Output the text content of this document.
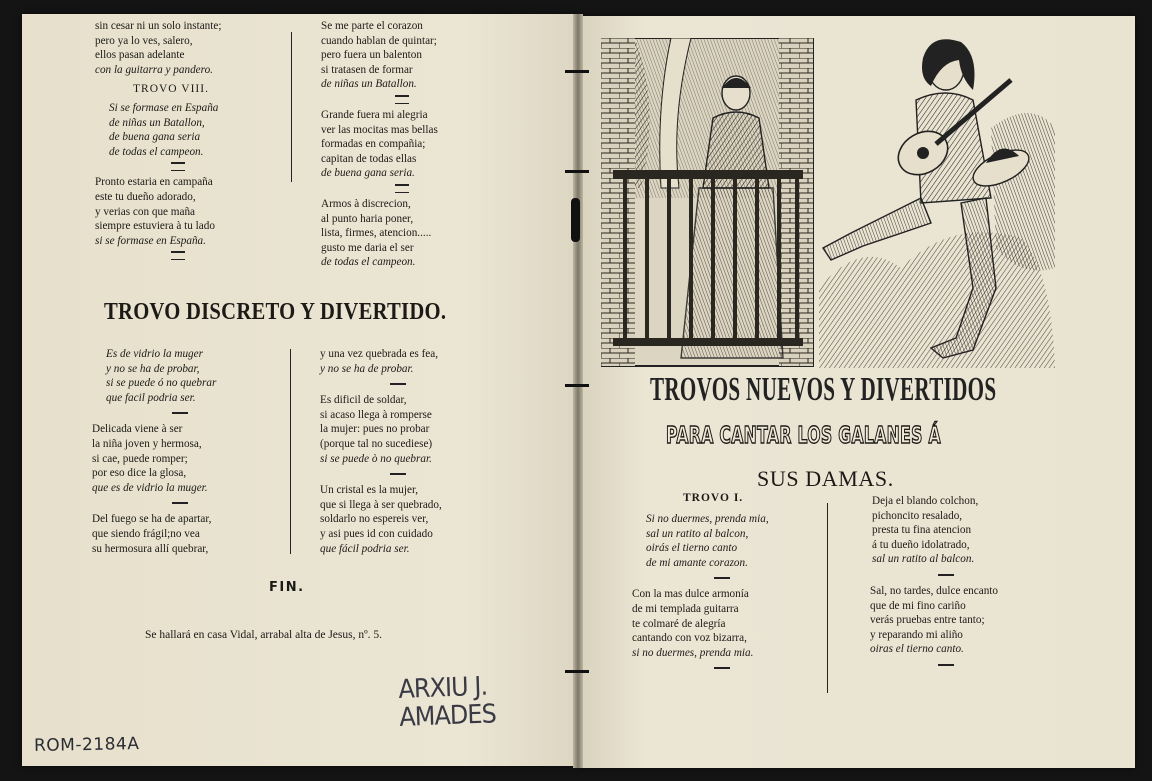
sin cesar ni un solo instante;
pero ya lo ves, salero,
ellos pasan adelante
con la guitarra y pandero.
TROVO VIII.
Si se formase en España
de niñas un Batallon,
de buena gana seria
de todas el campeon.
Pronto estaria en campaña
este tu dueño adorado,
y verias con que maña
siempre estuviera à tu lado
si se formase en España.
Se me parte el corazon
cuando hablan de quintar;
pero fuera un balenton
si tratasen de formar
de niñas un Batallon.
Grande fuera mi alegria
ver las mocitas mas bellas
formadas en compañia;
capitan de todas ellas
de buena gana seria.
Armos à discrecion,
al punto haria poner,
lista, firmes, atencion.....
gusto me daria el ser
de todas el campeon.
TROVO DISCRETO Y DIVERTIDO.
Es de vidrio la muger
y no se ha de probar,
si se puede ó no quebrar
que facil podria ser.
Delicada viene à ser
la niña joven y hermosa,
si cae, puede romper;
por eso dice la glosa,
que es de vidrio la muger.
Del fuego se ha de apartar,
que siendo frágil;no vea
su hermosura allí quebrar,
y una vez quebrada es fea,
y no se ha de probar.
Es dificil de soldar,
si acaso llega à romperse
la mujer: pues no probar
(porque tal no sucediese)
si se puede ò no quebrar.
Un cristal es la mujer,
que si llega à ser quebrado,
soldarlo no espereis ver,
y asi pues id con cuidado
que fácil podria ser.
FIN.
Se hallará en casa Vidal, arrabal alta de Jesus, nº. 5.
ARXIU J.
AMADES
ROM-2184A
TROVOS NUEVOS Y DIVERTIDOS
PARA CANTAR LOS GALANES Á
SUS DAMAS.
TROVO I.
Si no duermes, prenda mia,
sal un ratito al balcon,
oirás el tierno canto
de mi amante corazon.
Con la mas dulce armonía
de mi templada guitarra
te colmaré de alegría
cantando con voz bizarra,
si no duermes, prenda mia.
Deja el blando colchon,
pichoncito resalado,
presta tu fina atencion
á tu dueño idolatrado,
sal un ratito al balcon.
Sal, no tardes, dulce encanto
que de mi fino cariño
verás pruebas entre tanto;
y reparando mi aliño
oiras el tierno canto.
